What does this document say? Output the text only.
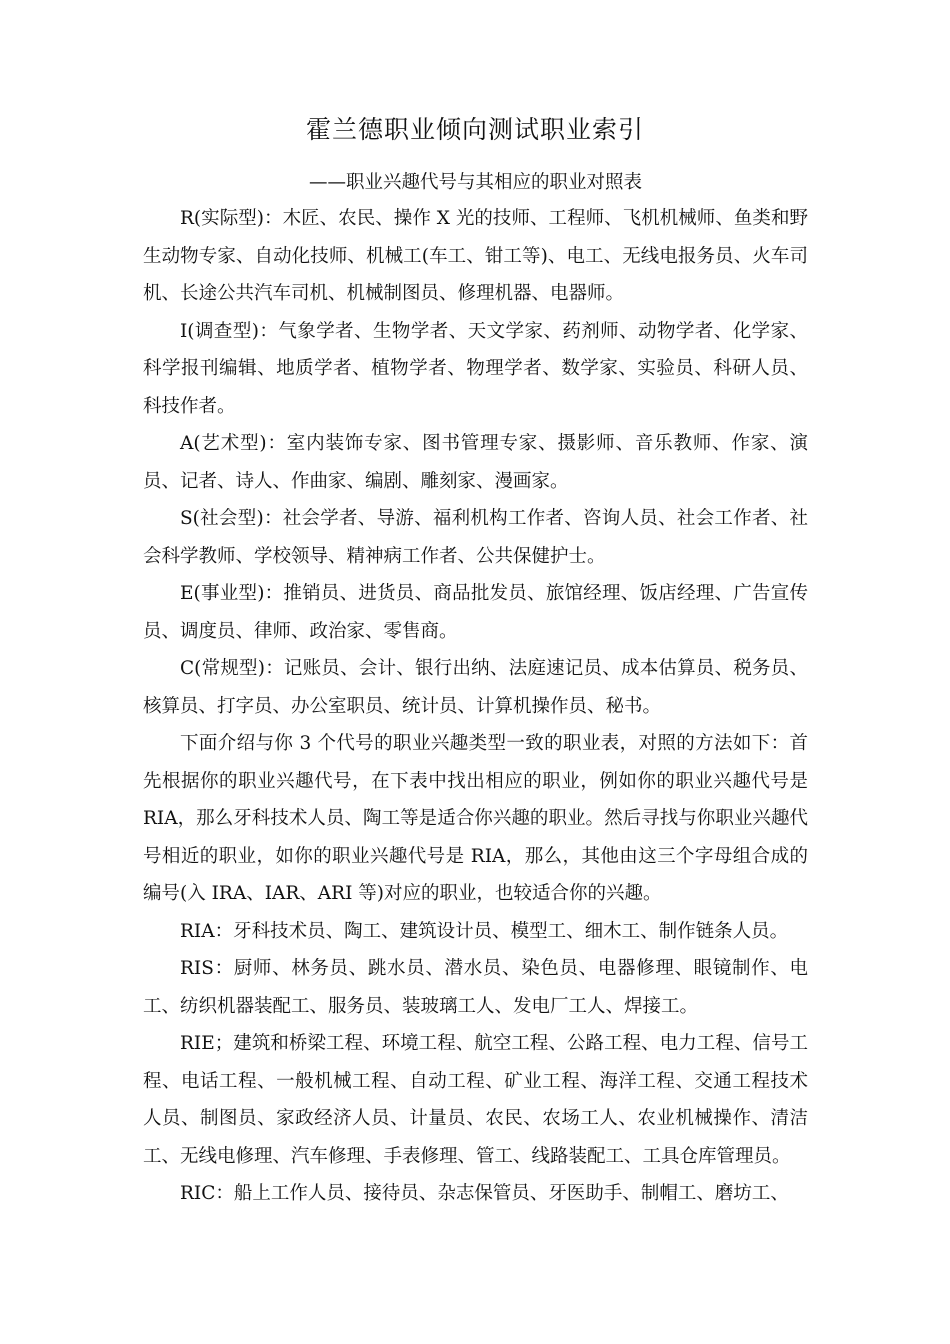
霍兰德职业倾向测试职业索引
——职业兴趣代号与其相应的职业对照表

R(实际型)：木匠、农民、操作 X 光的技师、工程师、飞机机械师、鱼类和野生动物专家、自动化技师、机械工(车工、钳工等)、电工、无线电报务员、火车司机、长途公共汽车司机、机械制图员、修理机器、电器师。

I(调查型)：气象学者、生物学者、天文学家、药剂师、动物学者、化学家、科学报刊编辑、地质学者、植物学者、物理学者、数学家、实验员、科研人员、科技作者。

A(艺术型)：室内装饰专家、图书管理专家、摄影师、音乐教师、作家、演员、记者、诗人、作曲家、编剧、雕刻家、漫画家。

S(社会型)：社会学者、导游、福利机构工作者、咨询人员、社会工作者、社会科学教师、学校领导、精神病工作者、公共保健护士。

E(事业型)：推销员、进货员、商品批发员、旅馆经理、饭店经理、广告宣传员、调度员、律师、政治家、零售商。

C(常规型)：记账员、会计、银行出纳、法庭速记员、成本估算员、税务员、核算员、打字员、办公室职员、统计员、计算机操作员、秘书。

下面介绍与你 3 个代号的职业兴趣类型一致的职业表，对照的方法如下：首先根据你的职业兴趣代号，在下表中找出相应的职业，例如你的职业兴趣代号是 RIA，那么牙科技术人员、陶工等是适合你兴趣的职业。然后寻找与你职业兴趣代号相近的职业，如你的职业兴趣代号是 RIA，那么，其他由这三个字母组合成的编号(入 IRA、IAR、ARI 等)对应的职业，也较适合你的兴趣。

RIA：牙科技术员、陶工、建筑设计员、模型工、细木工、制作链条人员。

RIS：厨师、林务员、跳水员、潜水员、染色员、电器修理、眼镜制作、电工、纺织机器装配工、服务员、装玻璃工人、发电厂工人、焊接工。

RIE；建筑和桥梁工程、环境工程、航空工程、公路工程、电力工程、信号工程、电话工程、一般机械工程、自动工程、矿业工程、海洋工程、交通工程技术人员、制图员、家政经济人员、计量员、农民、农场工人、农业机械操作、清洁工、无线电修理、汽车修理、手表修理、管工、线路装配工、工具仓库管理员。

RIC：船上工作人员、接待员、杂志保管员、牙医助手、制帽工、磨坊工、
